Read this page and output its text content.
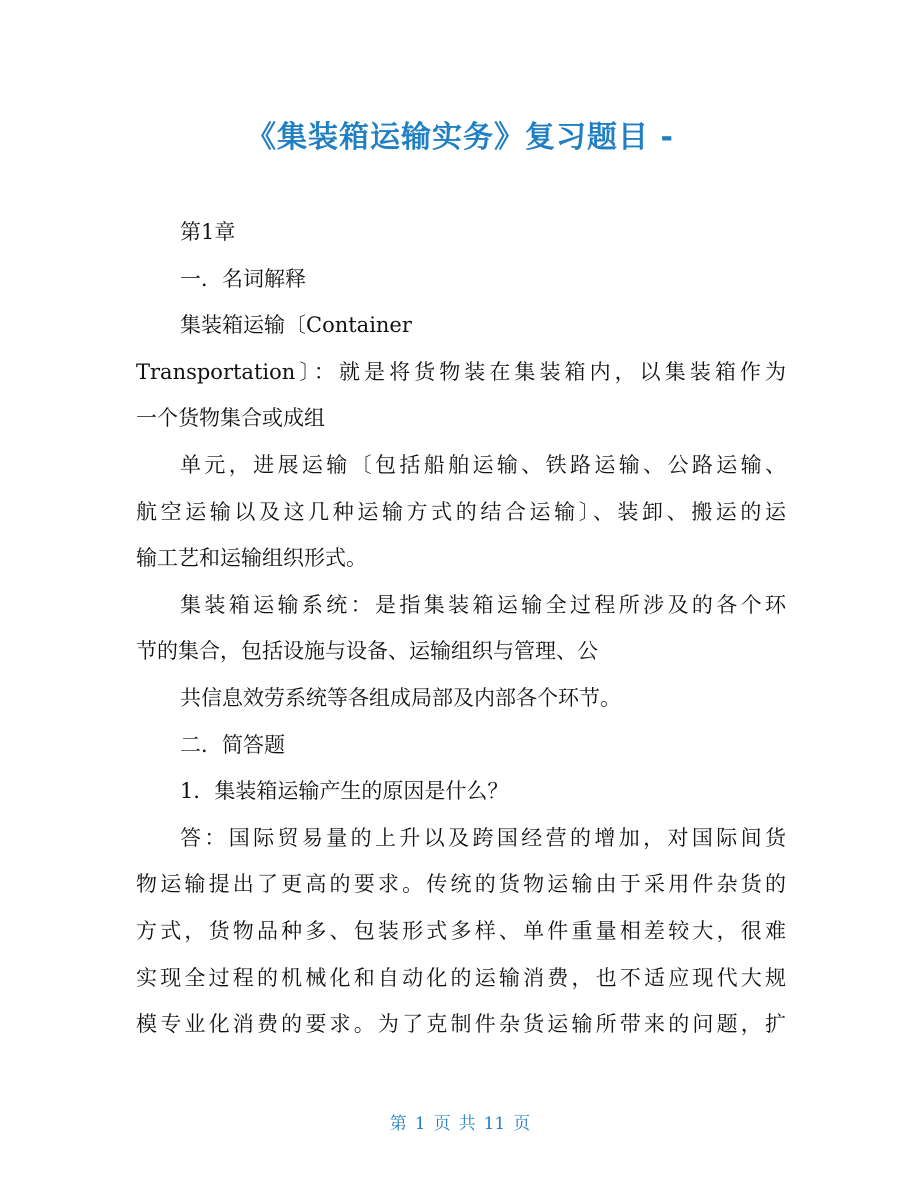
《集装箱运输实务》复习题目 -
第1章
一．名词解释
集装箱运输〔Container
Transportation〕：就是将货物装在集装箱内，以集装箱作为
一个货物集合或成组
单元，进展运输〔包括船舶运输、铁路运输、公路运输、
航空运输以及这几种运输方式的结合运输〕、装卸、搬运的运
输工艺和运输组织形式。
集装箱运输系统：是指集装箱运输全过程所涉及的各个环
节的集合，包括设施与设备、运输组织与管理、公
共信息效劳系统等各组成局部及内部各个环节。
二．简答题
1．集装箱运输产生的原因是什么？
答：国际贸易量的上升以及跨国经营的增加，对国际间货
物运输提出了更高的要求。传统的货物运输由于采用件杂货的
方式，货物品种多、包装形式多样、单件重量相差较大，很难
实现全过程的机械化和自动化的运输消费，也不适应现代大规
模专业化消费的要求。为了克制件杂货运输所带来的问题，扩
第 1 页 共 11 页
